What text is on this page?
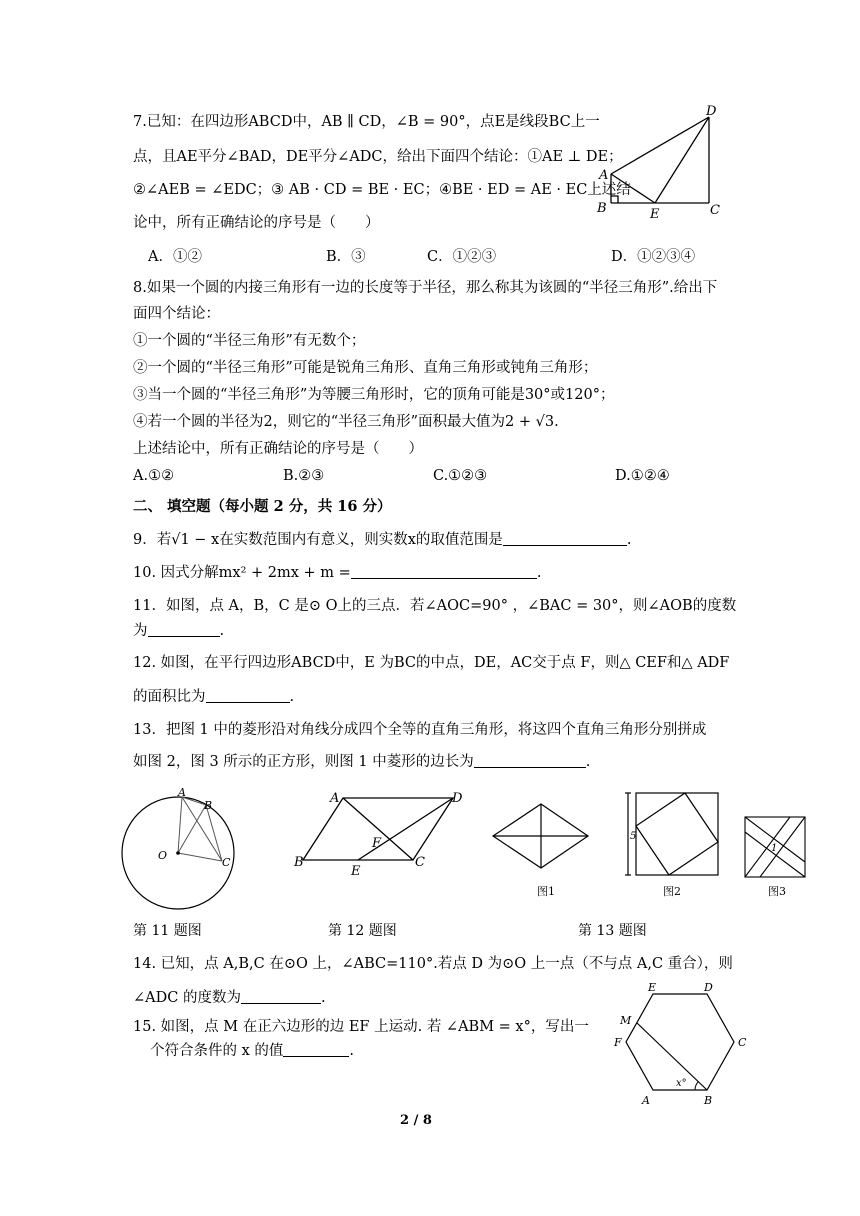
7.已知：在四边形ABCD中，AB ∥ CD，∠B = 90°，点E是线段BC上一
点，且AE平分∠BAD，DE平分∠ADC，给出下面四个结论：①AE ⊥ DE；
②∠AEB = ∠EDC；③ AB · CD = BE · EC；④BE · ED = AE · EC上述结
论中，所有正确结论的序号是（　　）
A．①②	B．③	C．①②③	D．①②③④
A
B	E	C
D
8.如果一个圆的内接三角形有一边的长度等于半径，那么称其为该圆的“半径三角形”.给出下
面四个结论：
①一个圆的“半径三角形”有无数个；
②一个圆的“半径三角形”可能是锐角三角形、直角三角形或钝角三角形；
③当一个圆的“半径三角形”为等腰三角形时，它的顶角可能是30°或120°；
④若一个圆的半径为2，则它的“半径三角形”面积最大值为2 + √3.
上述结论中，所有正确结论的序号是（　　）
A.①②	B.②③	C.①②③	D.①②④
二、 填空题（每小题 2 分，共 16 分）
9．若√1 − x在实数范围内有意义，则实数x的取值范围是	.
10. 因式分解mx² + 2mx + m =	.
11．如图，点 A，B，C 是⊙ O上的三点．若∠AOC=90° ，∠BAC = 30°，则∠AOB的度数
为	.
12. 如图，在平行四边形ABCD中，E 为BC的中点，DE，AC交于点 F，则△ CEF和△ ADF
的面积比为	.
13．把图 1 中的菱形沿对角线分成四个全等的直角三角形，将这四个直角三角形分别拼成
如图 2，图 3 所示的正方形，则图 1 中菱形的边长为	.
A
B
O
C
A	D
F
B
E
C
图1
5
图2
1
图3
第 11 题图	第 12 题图	第 13 题图
14. 已知，点 A,B,C 在⊙O 上，∠ABC=110°.若点 D 为⊙O 上一点（不与点 A,C 重合），则
∠ADC 的度数为	.
15. 如图，点 M 在正六边形的边 EF 上运动. 若 ∠ABM = x°，写出一
个符合条件的 x 的值	.
E	D
M
F	C
A	B
x°
2 / 8
